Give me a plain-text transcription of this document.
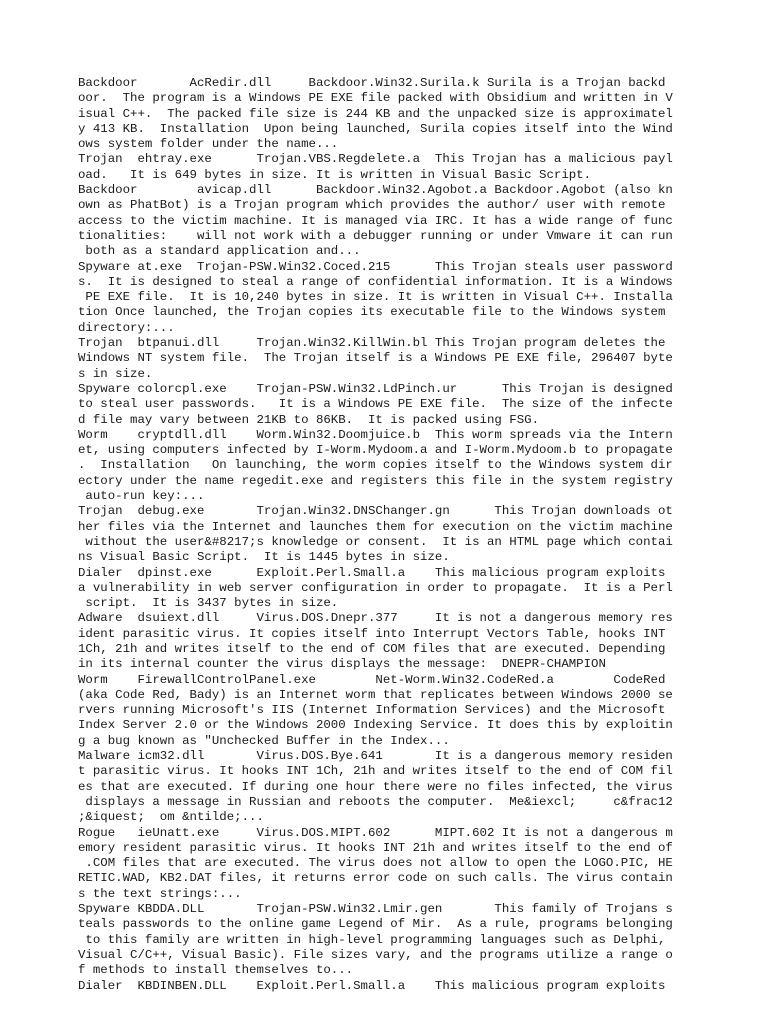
Backdoor       AcRedir.dll     Backdoor.Win32.Surila.k Surila is a Trojan backd
oor.  The program is a Windows PE EXE file packed with Obsidium and written in V
isual C++.  The packed file size is 244 KB and the unpacked size is approximatel
y 413 KB.  Installation  Upon being launched, Surila copies itself into the Wind
ows system folder under the name...
Trojan  ehtray.exe      Trojan.VBS.Regdelete.a  This Trojan has a malicious payl
oad.   It is 649 bytes in size. It is written in Visual Basic Script.
Backdoor        avicap.dll      Backdoor.Win32.Agobot.a Backdoor.Agobot (also kn
own as PhatBot) is a Trojan program which provides the author/ user with remote
access to the victim machine. It is managed via IRC. It has a wide range of func
tionalities:    will not work with a debugger running or under Vmware it can run
both as a standard application and...
Spyware at.exe  Trojan-PSW.Win32.Coced.215      This Trojan steals user password
s.  It is designed to steal a range of confidential information. It is a Windows
PE EXE file.  It is 10,240 bytes in size. It is written in Visual C++. Installa
tion Once launched, the Trojan copies its executable file to the Windows system
directory:...
Trojan  btpanui.dll     Trojan.Win32.KillWin.bl This Trojan program deletes the
Windows NT system file.  The Trojan itself is a Windows PE EXE file, 296407 byte
s in size.
Spyware colorcpl.exe    Trojan-PSW.Win32.LdPinch.ur      This Trojan is designed
to steal user passwords.   It is a Windows PE EXE file.  The size of the infecte
d file may vary between 21KB to 86KB.  It is packed using FSG.
Worm    cryptdll.dll    Worm.Win32.Doomjuice.b  This worm spreads via the Intern
et, using computers infected by I-Worm.Mydoom.a and I-Worm.Mydoom.b to propagate
.  Installation   On launching, the worm copies itself to the Windows system dir
ectory under the name regedit.exe and registers this file in the system registry
auto-run key:...
Trojan  debug.exe       Trojan.Win32.DNSChanger.gn      This Trojan downloads ot
her files via the Internet and launches them for execution on the victim machine
without the user&#8217;s knowledge or consent.  It is an HTML page which contai
ns Visual Basic Script.  It is 1445 bytes in size.
Dialer  dpinst.exe      Exploit.Perl.Small.a    This malicious program exploits
a vulnerability in web server configuration in order to propagate.  It is a Perl
script.  It is 3437 bytes in size.
Adware  dsuiext.dll     Virus.DOS.Dnepr.377     It is not a dangerous memory res
ident parasitic virus. It copies itself into Interrupt Vectors Table, hooks INT
1Ch, 21h and writes itself to the end of COM files that are executed. Depending
in its internal counter the virus displays the message:  DNEPR-CHAMPION
Worm    FirewallControlPanel.exe        Net-Worm.Win32.CodeRed.a        CodeRed
(aka Code Red, Bady) is an Internet worm that replicates between Windows 2000 se
rvers running Microsoft's IIS (Internet Information Services) and the Microsoft
Index Server 2.0 or the Windows 2000 Indexing Service. It does this by exploitin
g a bug known as "Unchecked Buffer in the Index...
Malware icm32.dll       Virus.DOS.Bye.641       It is a dangerous memory residen
t parasitic virus. It hooks INT 1Ch, 21h and writes itself to the end of COM fil
es that are executed. If during one hour there were no files infected, the virus
displays a message in Russian and reboots the computer.  Me&iexcl;     c&frac12
;&iquest;  om &ntilde;...
Rogue   ieUnatt.exe     Virus.DOS.MIPT.602      MIPT.602 It is not a dangerous m
emory resident parasitic virus. It hooks INT 21h and writes itself to the end of
.COM files that are executed. The virus does not allow to open the LOGO.PIC, HE
RETIC.WAD, KB2.DAT files, it returns error code on such calls. The virus contain
s the text strings:...
Spyware KBDDA.DLL       Trojan-PSW.Win32.Lmir.gen       This family of Trojans s
teals passwords to the online game Legend of Mir.  As a rule, programs belonging
to this family are written in high-level programming languages such as Delphi,
Visual C/C++, Visual Basic). File sizes vary, and the programs utilize a range o
f methods to install themselves to...
Dialer  KBDINBEN.DLL    Exploit.Perl.Small.a    This malicious program exploits
